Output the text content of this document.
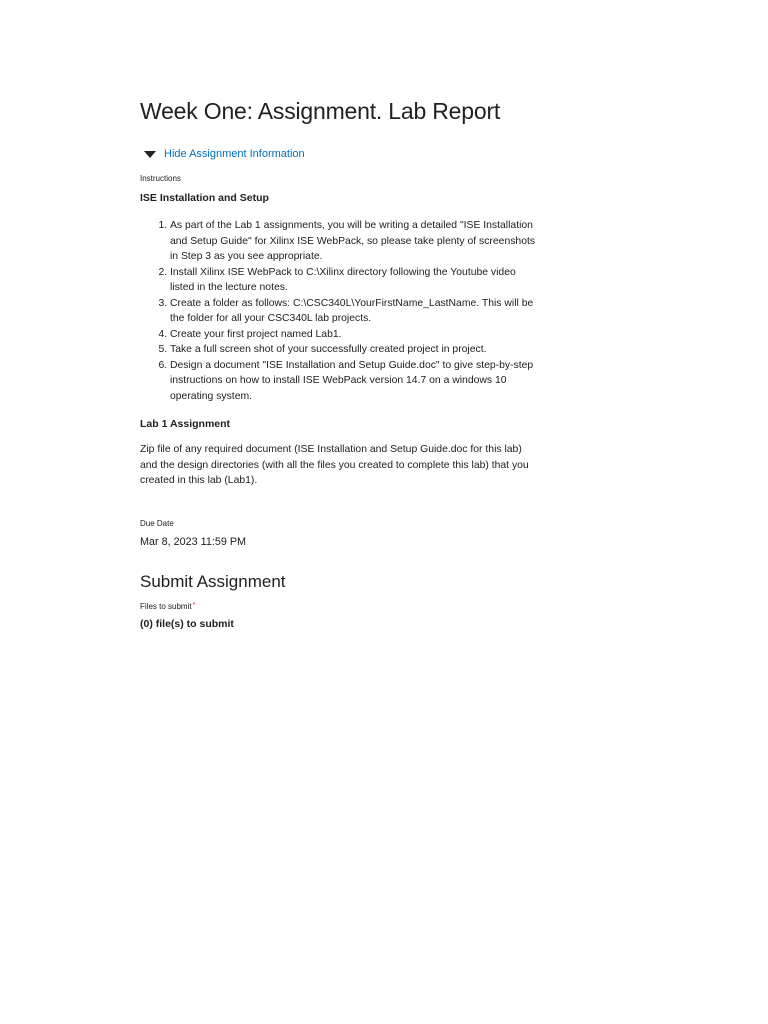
Week One: Assignment. Lab Report
Hide Assignment Information
Instructions
ISE Installation and Setup
1. As part of the Lab 1 assignments, you will be writing a detailed "ISE Installation and Setup Guide" for Xilinx ISE WebPack, so please take plenty of screenshots in Step 3 as you see appropriate.
2. Install Xilinx ISE WebPack to C:\Xilinx directory following the Youtube video listed in the lecture notes.
3. Create a folder as follows: C:\CSC340L\YourFirstName_LastName. This will be the folder for all your CSC340L lab projects.
4. Create your first project named Lab1.
5. Take a full screen shot of your successfully created project in project.
6. Design a document "ISE Installation and Setup Guide.doc" to give step-by-step instructions on how to install ISE WebPack version 14.7 on a windows 10 operating system.
Lab 1 Assignment

Zip file of any required document (ISE Installation and Setup Guide.doc for this lab) and the design directories (with all the files you created to complete this lab) that you created in this lab (Lab1).

Due Date
Mar 8, 2023 11:59 PM
Submit Assignment
Files to submit*
(0) file(s) to submit
